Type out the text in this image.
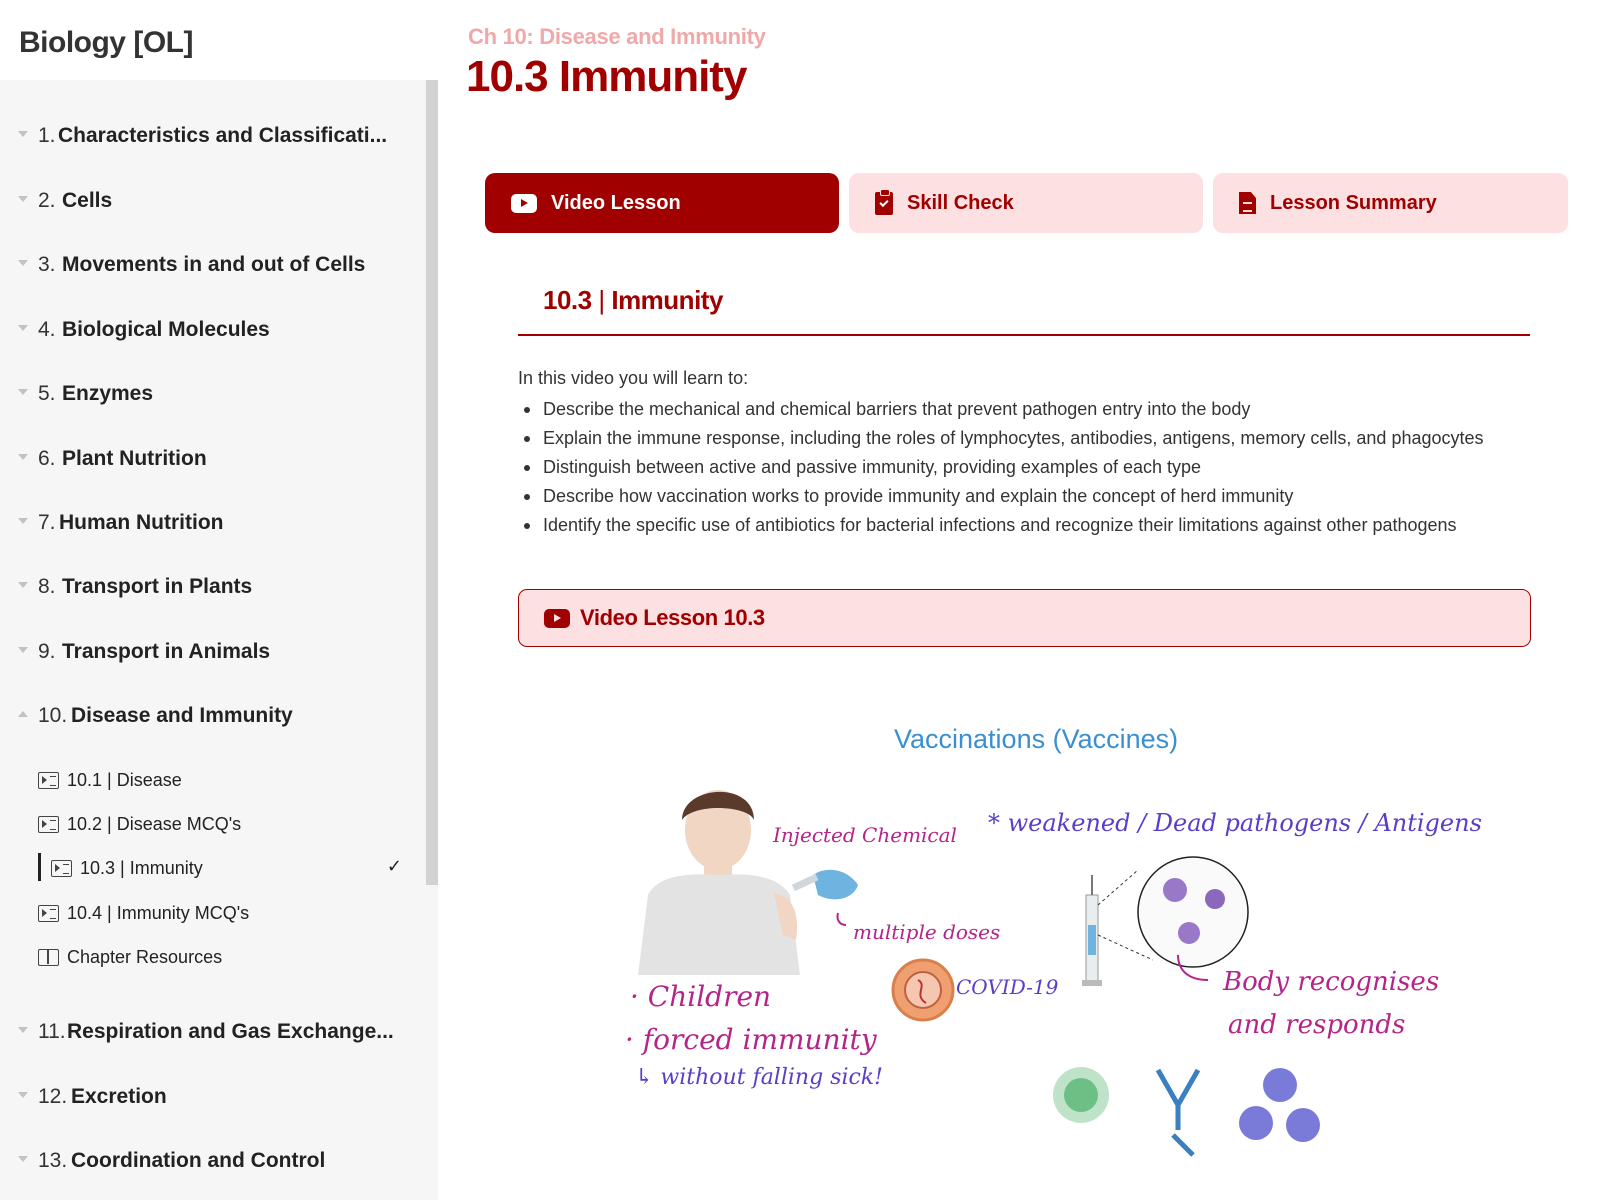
Biology [OL]
1. Characteristics and Classificati...
2. Cells
3. Movements in and out of Cells
4. Biological Molecules
5. Enzymes
6. Plant Nutrition
7. Human Nutrition
8. Transport in Plants
9. Transport in Animals
10. Disease and Immunity
10.1 | Disease
10.2 | Disease MCQ's
10.3 | Immunity	✓
10.4 | Immunity MCQ's
Chapter Resources
11. Respiration and Gas Exchange...
12. Excretion
13. Coordination and Control
Ch 10: Disease and Immunity
10.3 Immunity
Video Lesson	Skill Check	Lesson Summary
10.3 | Immunity
In this video you will learn to:
Describe the mechanical and chemical barriers that prevent pathogen entry into the body
Explain the immune response, including the roles of lymphocytes, antibodies, antigens, memory cells, and phagocytes
Distinguish between active and passive immunity, providing examples of each type
Describe how vaccination works to provide immunity and explain the concept of herd immunity
Identify the specific use of antibiotics for bacterial infections and recognize their limitations against other pathogens
Video Lesson 10.3
Vaccinations (Vaccines)
Injected Chemical * weakened / Dead pathogens / Antigens
multiple doses
COVID-19
· Children
· forced immunity
↳ without falling sick!
Body recognises
and responds
